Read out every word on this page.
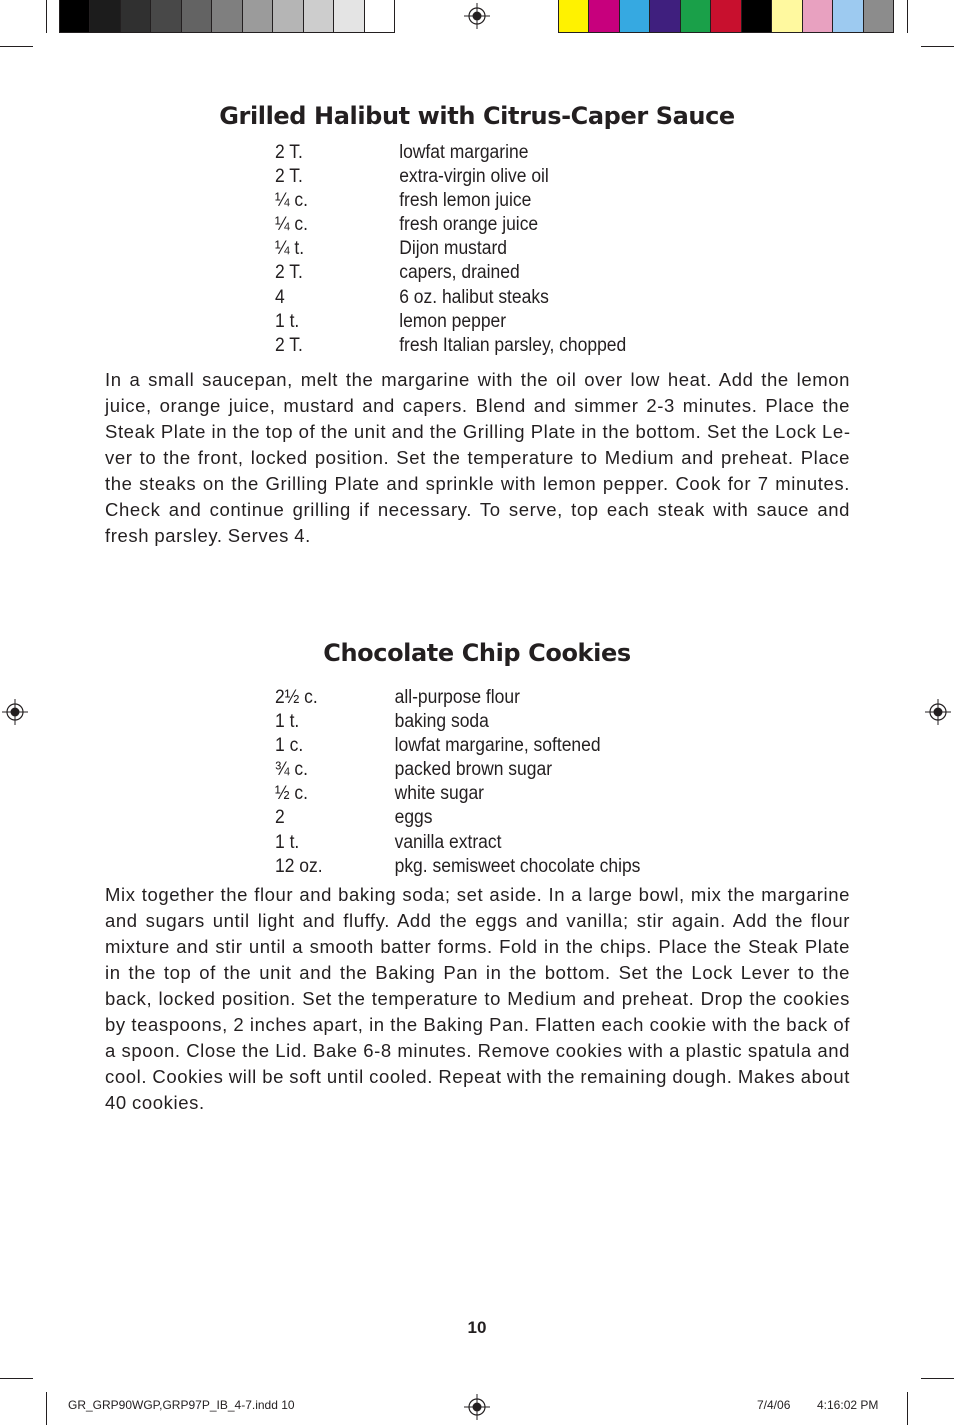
Grilled Halibut with Citrus-Caper Sauce
2 T.	lowfat margarine
2 T.	extra-virgin olive oil
¼ c.	fresh lemon juice
¼ c.	fresh orange juice
¼ t.	Dijon mustard
2 T.	capers, drained
4	6 oz. halibut steaks
1 t.	lemon pepper
2 T.	fresh Italian parsley, chopped

In a small saucepan, melt the margarine with the oil over low heat. Add the lemon juice, orange juice, mustard and capers. Blend and simmer 2-3 minutes. Place the Steak Plate in the top of the unit and the Grilling Plate in the bottom. Set the Lock Lever to the front, locked position. Set the temperature to Medium and preheat. Place the steaks on the Grilling Plate and sprinkle with lemon pepper. Cook for 7 minutes. Check and continue grilling if necessary. To serve, top each steak with sauce and fresh parsley. Serves 4.

Chocolate Chip Cookies
2½ c.	all-purpose flour
1 t.	baking soda
1 c.	lowfat margarine, softened
¾ c.	packed brown sugar
½ c.	white sugar
2	eggs
1 t.	vanilla extract
12 oz.	pkg. semisweet chocolate chips

Mix together the flour and baking soda; set aside. In a large bowl, mix the margarine and sugars until light and fluffy. Add the eggs and vanilla; stir again. Add the flour mixture and stir until a smooth batter forms. Fold in the chips. Place the Steak Plate in the top of the unit and the Baking Pan in the bottom. Set the Lock Lever to the back, locked position. Set the temperature to Medium and preheat. Drop the cookies by teaspoons, 2 inches apart, in the Baking Pan. Flatten each cookie with the back of a spoon. Close the Lid. Bake 6-8 minutes. Remove cookies with a plastic spatula and cool. Cookies will be soft until cooled. Repeat with the remaining dough. Makes about 40 cookies.

10
GR_GRP90WGP,GRP97P_IB_4-7.indd 10	7/4/06 4:16:02 PM
